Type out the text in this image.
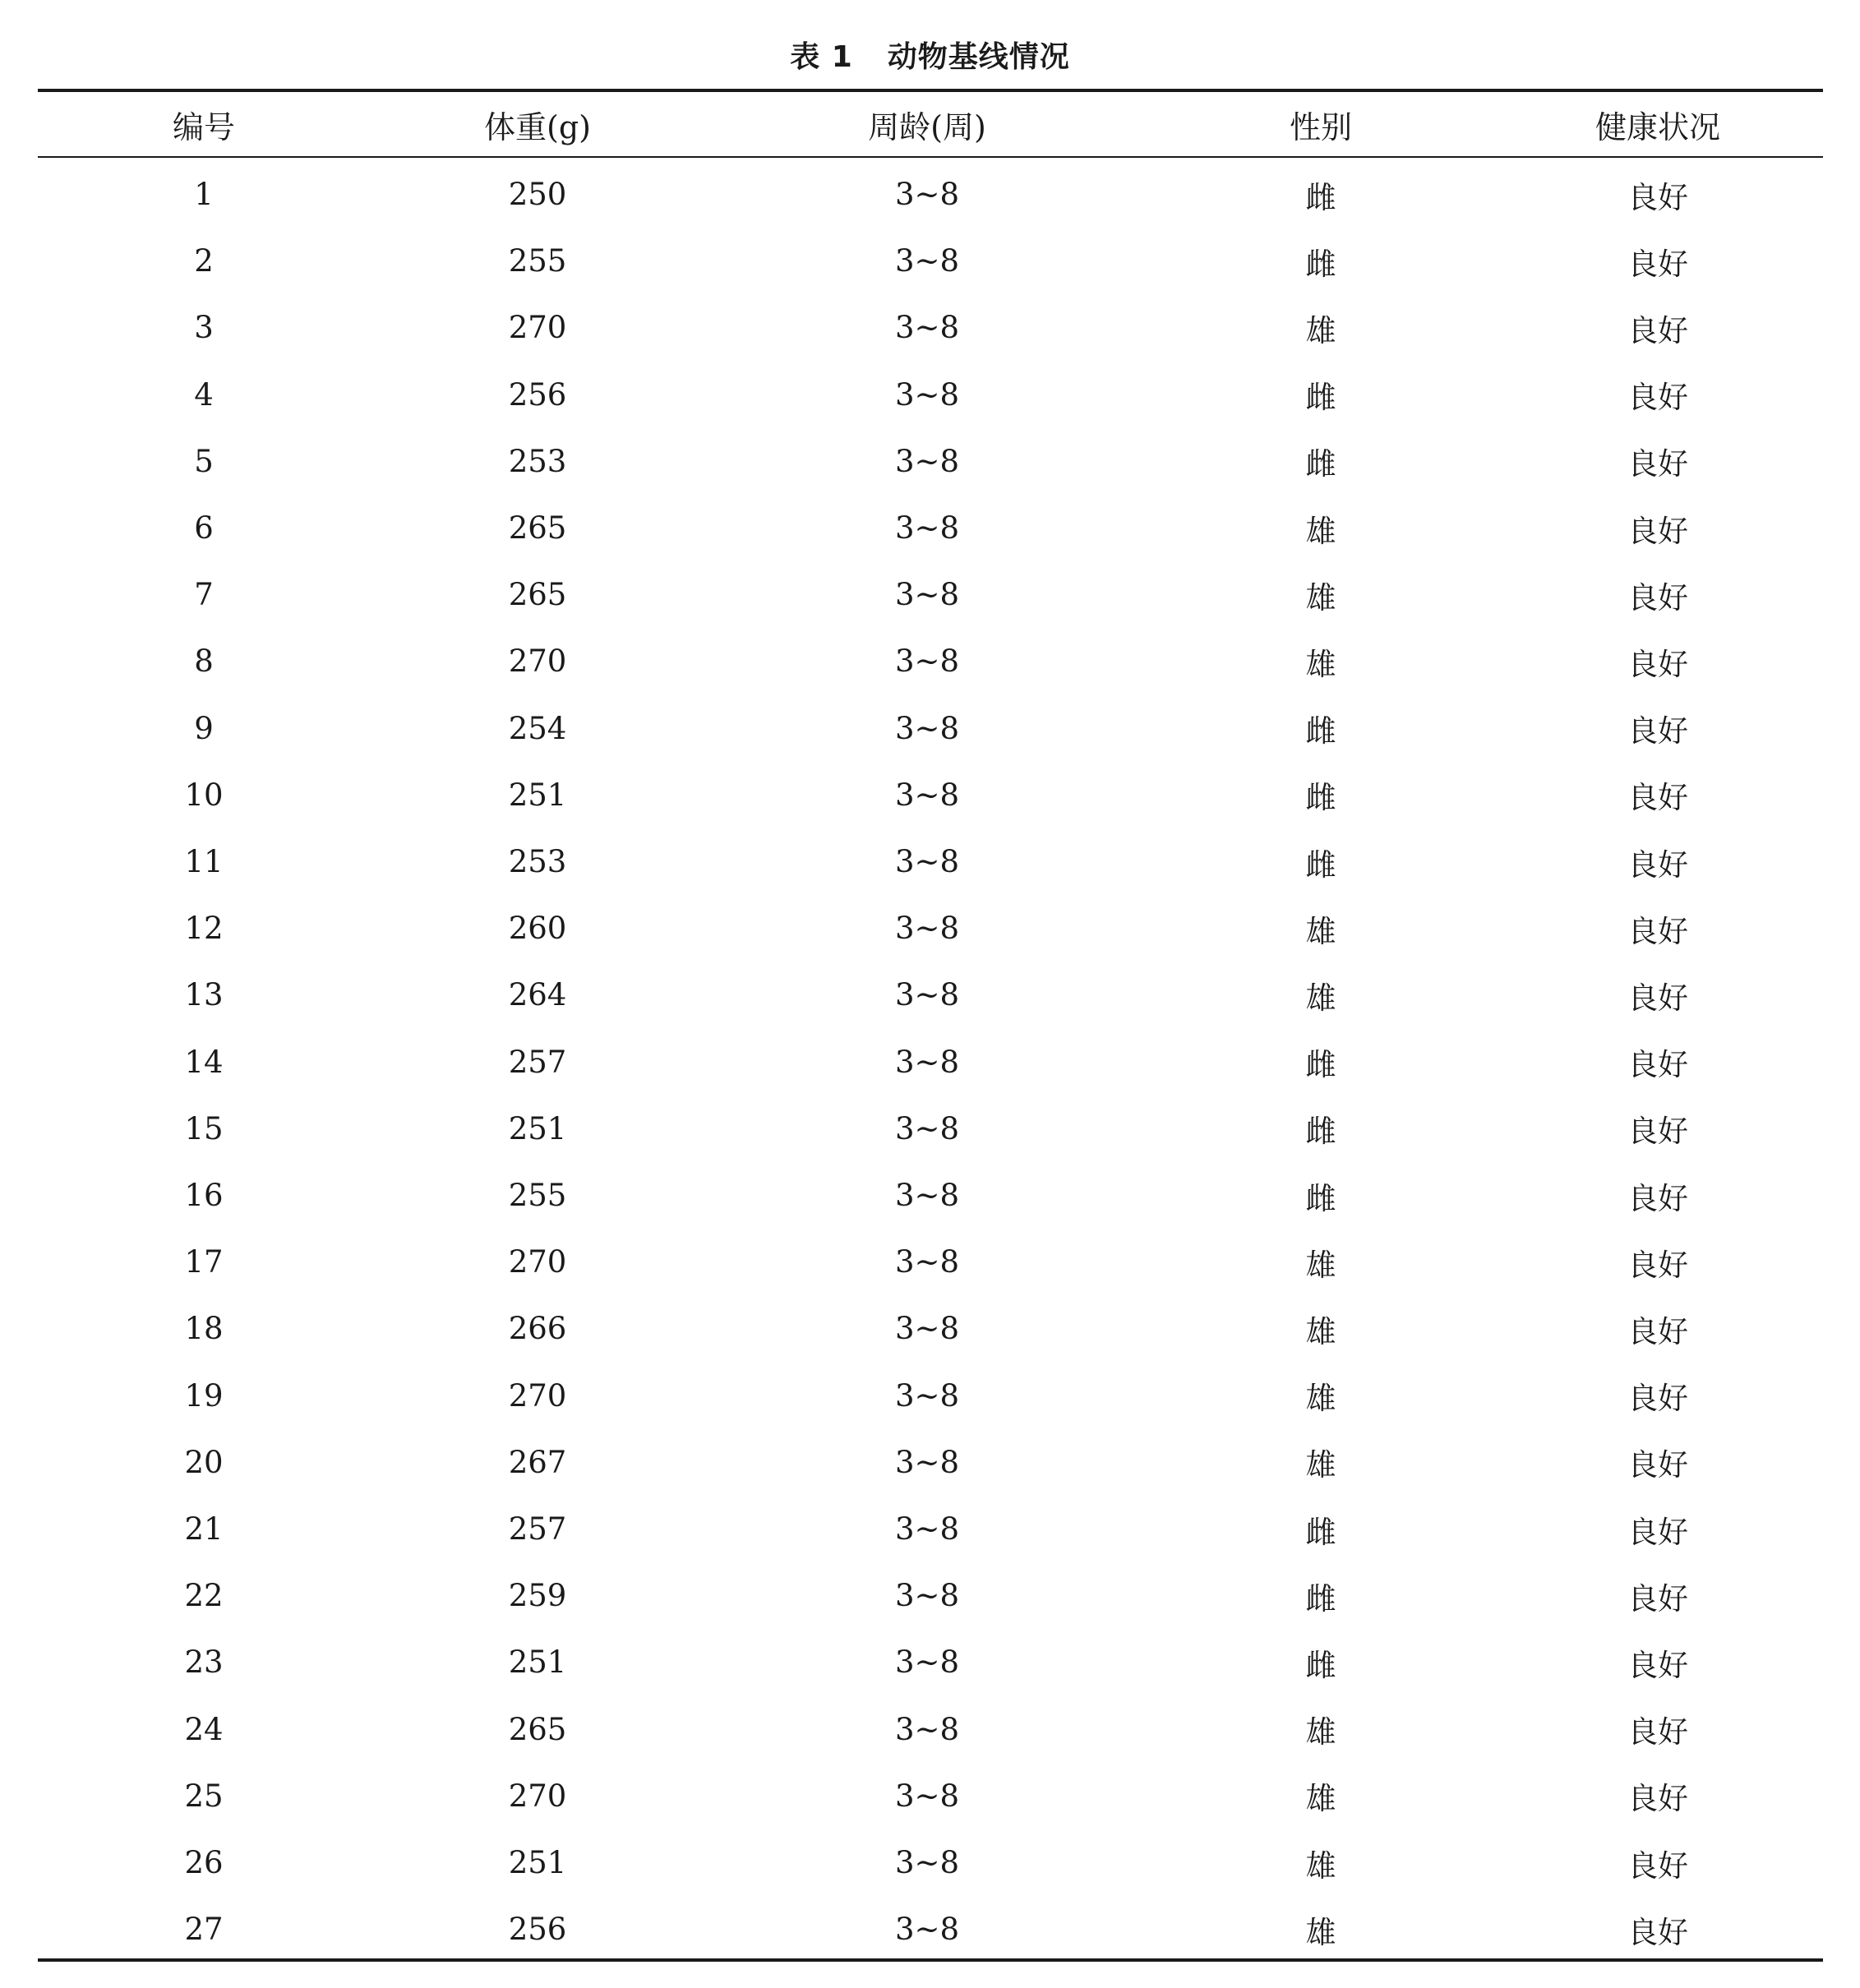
表 1 动物基线情况
编号	体重(g)	周龄(周)	性别	健康状况
1	250	3~8	雌	良好
2	255	3~8	雌	良好
3	270	3~8	雄	良好
4	256	3~8	雌	良好
5	253	3~8	雌	良好
6	265	3~8	雄	良好
7	265	3~8	雄	良好
8	270	3~8	雄	良好
9	254	3~8	雌	良好
10	251	3~8	雌	良好
11	253	3~8	雌	良好
12	260	3~8	雄	良好
13	264	3~8	雄	良好
14	257	3~8	雌	良好
15	251	3~8	雌	良好
16	255	3~8	雌	良好
17	270	3~8	雄	良好
18	266	3~8	雄	良好
19	270	3~8	雄	良好
20	267	3~8	雄	良好
21	257	3~8	雌	良好
22	259	3~8	雌	良好
23	251	3~8	雌	良好
24	265	3~8	雄	良好
25	270	3~8	雄	良好
26	251	3~8	雄	良好
27	256	3~8	雄	良好
